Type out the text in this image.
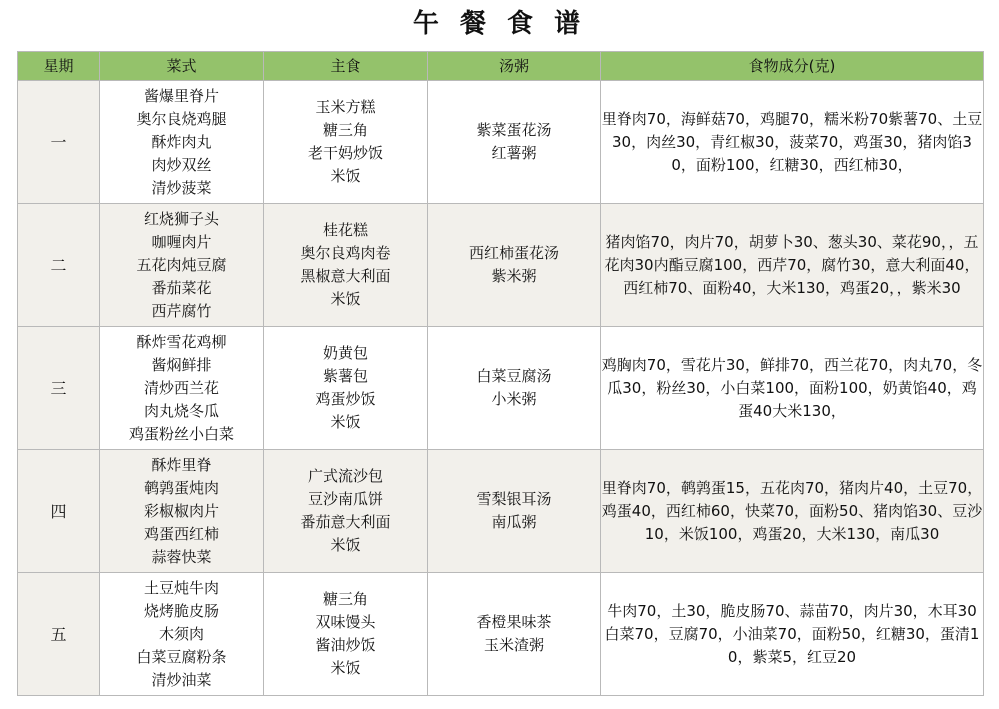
午 餐 食 谱
星期	菜式	主食	汤粥	食物成分(克)
一	酱爆里脊片
奥尔良烧鸡腿
酥炸肉丸
肉炒双丝
清炒菠菜	玉米方糕
糖三角
老干妈炒饭
米饭	紫菜蛋花汤
红薯粥	里脊肉70，海鲜菇70，鸡腿70，糯米粉70紫薯70、土豆30，肉丝30，青红椒30，菠菜70，鸡蛋30，猪肉馅30，面粉100，红糖30，西红柿30，

二	红烧狮子头
咖喱肉片
五花肉炖豆腐
番茄菜花
西芹腐竹	桂花糕
奥尔良鸡肉卷
黑椒意大利面
米饭	西红柿蛋花汤
紫米粥	猪肉馅70，肉片70，胡萝卜30、葱头30、菜花90，，五花肉30内酯豆腐100，西芹70，腐竹30，意大利面40，西红柿70、面粉40，大米130，鸡蛋20，，紫米30

三	酥炸雪花鸡柳
酱焖鲜排
清炒西兰花
肉丸烧冬瓜
鸡蛋粉丝小白菜	奶黄包
紫薯包
鸡蛋炒饭
米饭	白菜豆腐汤
小米粥	鸡胸肉70，雪花片30，鲜排70，西兰花70，肉丸70，冬瓜30，粉丝30，小白菜100，面粉100，奶黄馅40，鸡蛋40大米130，

四	酥炸里脊
鹌鹑蛋炖肉
彩椒椒肉片
鸡蛋西红柿
蒜蓉快菜	广式流沙包
豆沙南瓜饼
番茄意大利面
米饭	雪梨银耳汤
南瓜粥	里脊肉70，鹌鹑蛋15，五花肉70，猪肉片40，土豆70，鸡蛋40，西红柿60，快菜70，面粉50、猪肉馅30、豆沙10，米饭100，鸡蛋20，大米130，南瓜30

五	土豆炖牛肉
烧烤脆皮肠
木须肉
白菜豆腐粉条
清炒油菜	糖三角
双味馒头
酱油炒饭
米饭	香橙果味茶
玉米渣粥	牛肉70，土30，脆皮肠70、蒜苗70，肉片30，木耳30白菜70，豆腐70，小油菜70，面粉50，红糖30，蛋清10，紫菜5，红豆20
